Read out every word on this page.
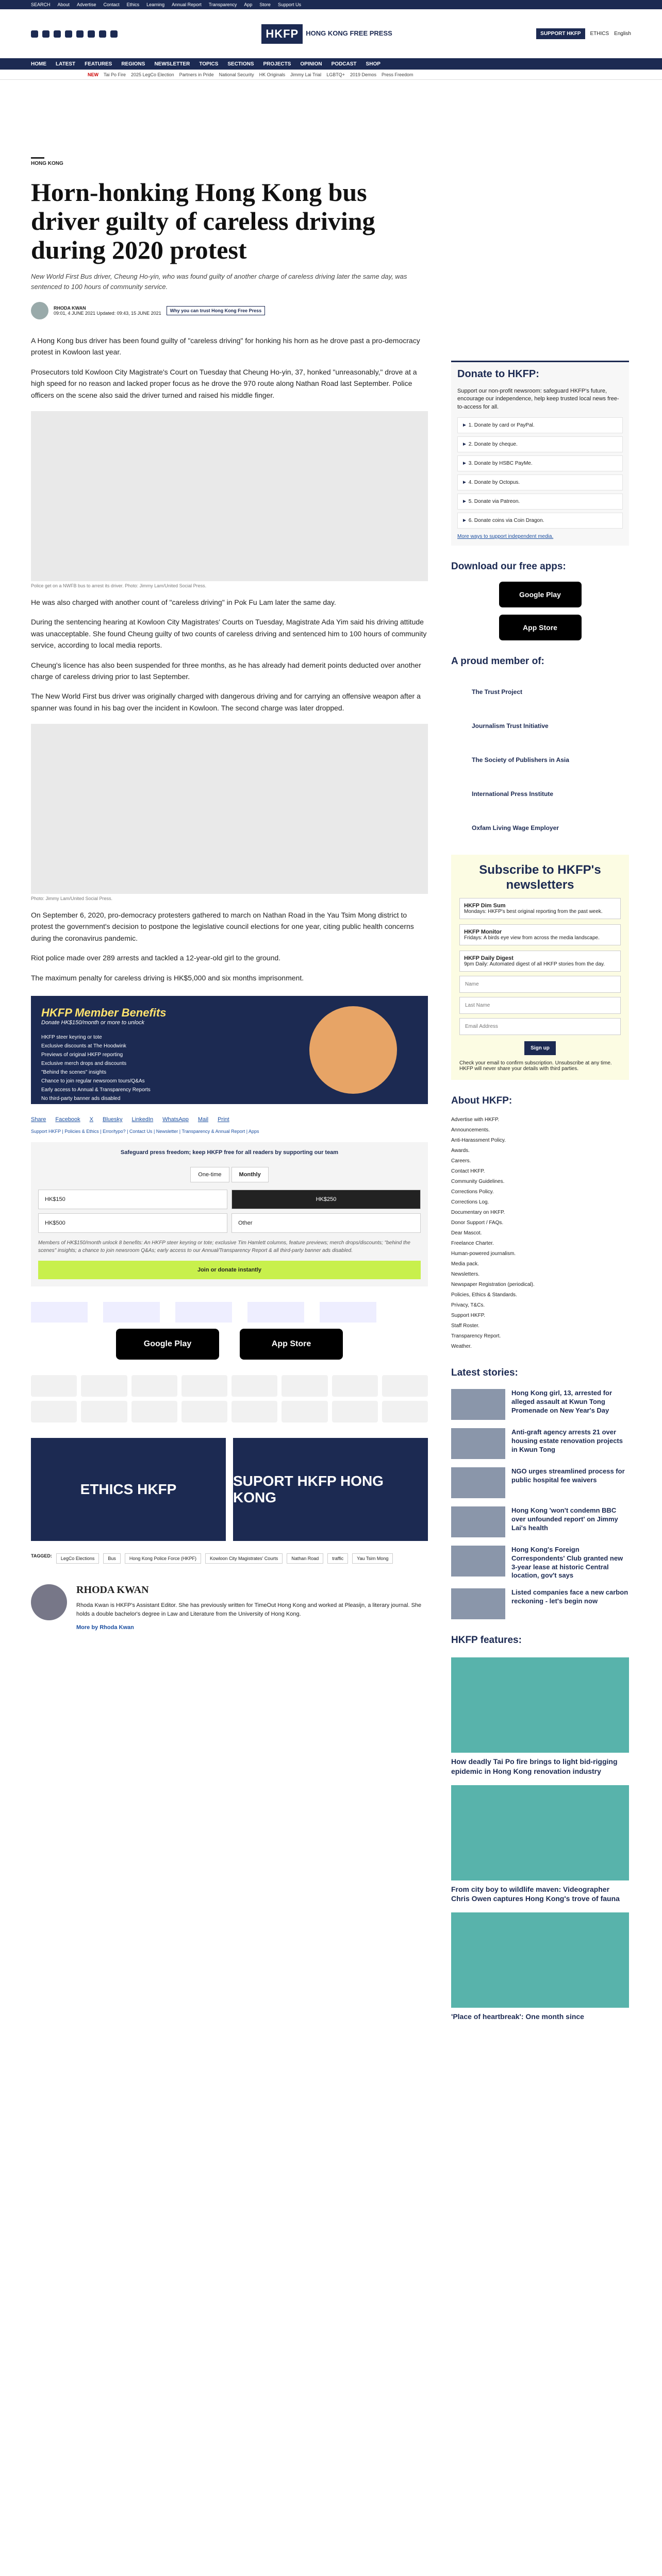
SEARCH About Advertise Contact Ethics Learning Annual Report Transparency App Store Support Us
HKFP	HONG KONG FREE PRESS	SUPPORT HKFP	ETHICS English
HOME LATEST FEATURES REGIONS NEWSLETTER TOPICS SECTIONS PROJECTS OPINION PODCAST SHOP
NEW Tai Po Fire 2025 LegCo Election Partners in Pride National Security HK Originals Jimmy Lai Trial LGBTQ+ 2019 Demos Press Freedom
HONG KONG
Horn-honking Hong Kong bus driver guilty of careless driving during 2020 protest

New World First Bus driver, Cheung Ho-yin, who was found guilty of another charge of careless driving later the same day, was sentenced to 100 hours of community service.

RHODA KWAN
09:01, 4 JUNE 2021 Updated: 09:43, 15 JUNE 2021	Why you can trust Hong Kong Free Press

A Hong Kong bus driver has been found guilty of "careless driving" for honking his horn as he drove past a pro-democracy protest in Kowloon last year.

Prosecutors told Kowloon City Magistrate's Court on Tuesday that Cheung Ho-yin, 37, honked "unreasonably," drove at a high speed for no reason and lacked proper focus as he drove the 970 route along Nathan Road last September. Police officers on the scene also said the driver turned and raised his middle finger.

Police get on a NWFB bus to arrest its driver. Photo: Jimmy Lam/United Social Press.

He was also charged with another count of "careless driving" in Pok Fu Lam later the same day.

During the sentencing hearing at Kowloon City Magistrates' Courts on Tuesday, Magistrate Ada Yim said his driving attitude was unacceptable. She found Cheung guilty of two counts of careless driving and sentenced him to 100 hours of community service, according to local media reports.

Cheung's licence has also been suspended for three months, as he has already had demerit points deducted over another charge of careless driving prior to last September.

The New World First bus driver was originally charged with dangerous driving and for carrying an offensive weapon after a spanner was found in his bag over the incident in Kowloon. The second charge was later dropped.

Photo: Jimmy Lam/United Social Press.

On September 6, 2020, pro-democracy protesters gathered to march on Nathan Road in the Yau Tsim Mong district to protest the government's decision to postpone the legislative council elections for one year, citing public health concerns during the coronavirus pandemic.

Riot police made over 289 arrests and tackled a 12-year-old girl to the ground.

The maximum penalty for careless driving is HK$5,000 and six months imprisonment.

HKFP Member Benefits
Donate HK$150/month or more to unlock
HKFP steer keyring or tote
Exclusive discounts at The Hoodwink
Previews of original HKFP reporting
Exclusive merch drops and discounts
"Behind the scenes" insights
Chance to join regular newsroom tours/Q&As
Early access to Annual & Transparency Reports
No third-party banner ads disabled
Share Facebook X Bluesky LinkedIn WhatsApp Mail Print
Support HKFP | Policies & Ethics | Error/typo? | Contact Us | Newsletter | Transparency & Annual Report | Apps
Safeguard press freedom; keep HKFP free for all readers by supporting our team
One-time	Monthly
HK$150	HK$250
HK$500	Other

Members of HK$150/month unlock 8 benefits: An HKFP steer keyring or tote; exclusive Tim Hamlett columns, feature previews; merch drops/discounts; "behind the scenes" insights; a chance to join newsroom Q&As; early access to our Annual/Transparency Report & all third-party banner ads disabled.

Join or donate instantly
Google Play	App Store
ETHICS HKFP
SUPORT HKFP HONG KONG
TAGGED:	LegCo Elections	Bus	Hong Kong Police Force (HKPF)	Kowloon City Magistrates' Courts	Nathan Road	traffic	Yau Tsim Mong
RHODA KWAN

Rhoda Kwan is HKFP's Assistant Editor. She has previously written for TimeOut Hong Kong and worked at Pleasijn, a literary journal. She holds a double bachelor's degree in Law and Literature from the University of Hong Kong.

More by Rhoda Kwan

Donate to HKFP:

Support our non-profit newsroom: safeguard HKFP's future, encourage our independence, help keep trusted local news free-to-access for all.

► 1. Donate by card or PayPal.
► 2. Donate by cheque.
► 3. Donate by HSBC PayMe.
► 4. Donate by Octopus.
► 5. Donate via Patreon.
► 6. Donate coins via Coin Dragon.

More ways to support independent media.

Download our free apps:
Google Play
App Store
A proud member of:
The Trust Project
Journalism Trust Initiative
The Society of Publishers in Asia
International Press Institute
Oxfam Living Wage Employer
Subscribe to HKFP's newsletters
HKFP Dim Sum
Mondays: HKFP's best original reporting from the past week.
HKFP Monitor
Fridays: A birds eye view from across the media landscape.
HKFP Daily Digest
9pm Daily: Automated digest of all HKFP stories from the day.
Name
Last Name
Email Address
Sign up

Check your email to confirm subscription. Unsubscribe at any time. HKFP will never share your details with third parties.

About HKFP:
Advertise with HKFP.
Announcements.
Anti-Harassment Policy.
Awards.
Careers.
Contact HKFP.
Community Guidelines.
Corrections Policy.
Corrections Log.
Documentary on HKFP.
Donor Support / FAQs.
Dear Mascot.
Freelance Charter.
Human-powered journalism.
Media pack.
Newsletters.
Newspaper Registration (periodical).
Policies, Ethics & Standards.
Privacy, T&Cs.
Support HKFP.
Staff Roster.
Transparency Report.
Weather.
Latest stories:

Hong Kong girl, 13, arrested for alleged assault at Kwun Tong Promenade on New Year's Day

Anti-graft agency arrests 21 over housing estate renovation projects in Kwun Tong

NGO urges streamlined process for public hospital fee waivers

Hong Kong 'won't condemn BBC over unfounded report' on Jimmy Lai's health

Hong Kong's Foreign Correspondents' Club granted new 3-year lease at historic Central location, gov't says

Listed companies face a new carbon reckoning - let's begin now

HKFP features:

How deadly Tai Po fire brings to light bid-rigging epidemic in Hong Kong renovation industry

From city boy to wildlife maven: Videographer Chris Owen captures Hong Kong's trove of fauna

'Place of heartbreak': One month since
